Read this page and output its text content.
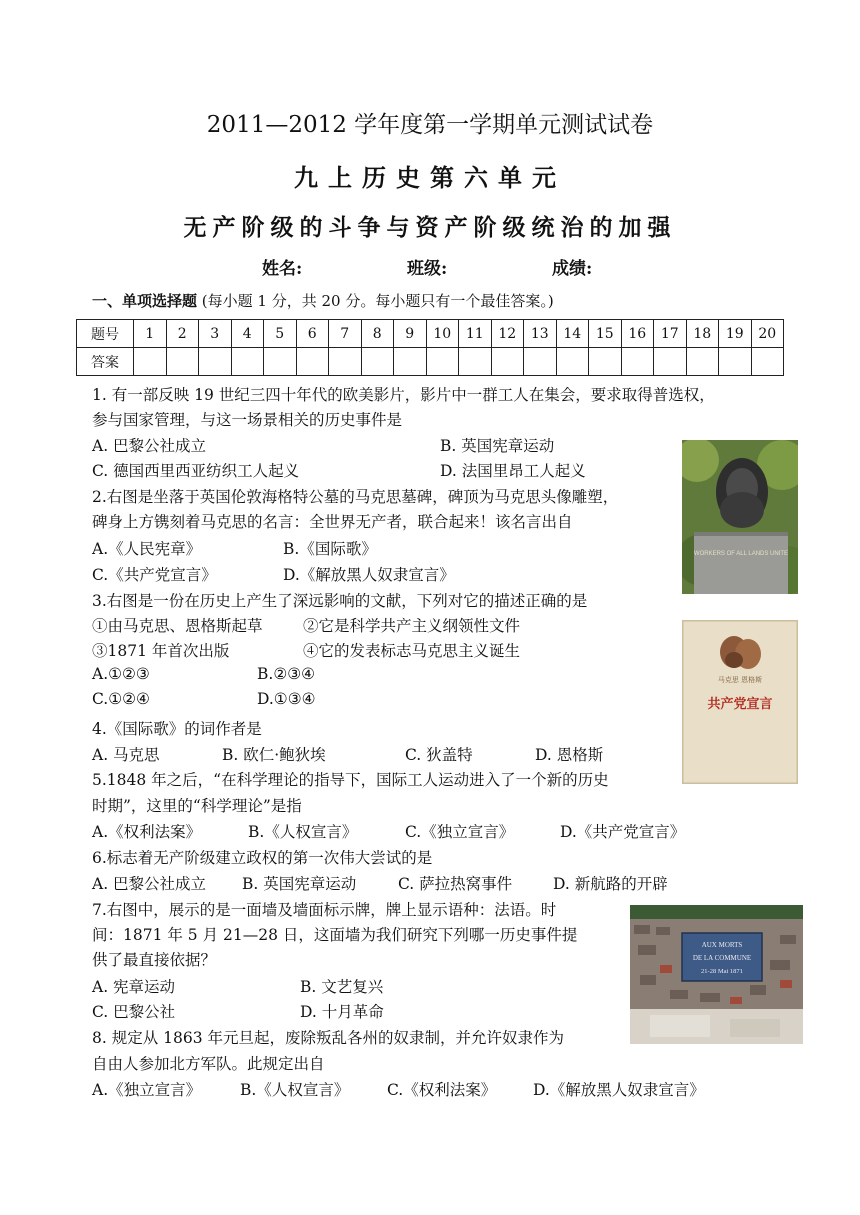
2011—2012 学年度第一学期单元测试试卷
九上历史第六单元
无产阶级的斗争与资产阶级统治的加强
姓名:	班级:	成绩:
一、单项选择题 (每小题 1 分，共 20 分。每小题只有一个最佳答案。)
题号	1	2	3	4	5	6	7	8	9	10	11	12	13	14	15	16	17	18	19	20
答案																				
1. 有一部反映 19 世纪三四十年代的欧美影片，影片中一群工人在集会，要求取得普选权，
参与国家管理，与这一场景相关的历史事件是
A. 巴黎公社成立	B. 英国宪章运动
C. 德国西里西亚纺织工人起义	D. 法国里昂工人起义
2.右图是坐落于英国伦敦海格特公墓的马克思墓碑，碑顶为马克思头像雕塑，
碑身上方镌刻着马克思的名言：全世界无产者，联合起来！该名言出自
A.《人民宪章》	B.《国际歌》
C.《共产党宣言》	D.《解放黑人奴隶宣言》
3.右图是一份在历史上产生了深远影响的文献，下列对它的描述正确的是
①由马克思、恩格斯起草	②它是科学共产主义纲领性文件
③1871 年首次出版	④它的发表标志马克思主义诞生
A.①②③	B.②③④
C.①②④	D.①③④
4.《国际歌》的词作者是
A. 马克思	B. 欧仁·鲍狄埃	C. 狄盖特	D. 恩格斯
5.1848 年之后，“在科学理论的指导下，国际工人运动进入了一个新的历史
时期”，这里的“科学理论”是指
A.《权利法案》	B.《人权宣言》	C.《独立宣言》	D.《共产党宣言》
6.标志着无产阶级建立政权的第一次伟大尝试的是
A. 巴黎公社成立 B. 英国宪章运动	C. 萨拉热窝事件	D. 新航路的开辟
7.右图中，展示的是一面墙及墙面标示牌，牌上显示语种：法语。时
间：1871 年 5 月 21—28 日，这面墙为我们研究下列哪一历史事件提
供了最直接依据？
A. 宪章运动	B. 文艺复兴
C. 巴黎公社	D. 十月革命
8. 规定从 1863 年元旦起，废除叛乱各州的奴隶制，并允许奴隶作为
自由人参加北方军队。此规定出自
A.《独立宣言》	B.《人权宣言》 C.《权利法案》 D.《解放黑人奴隶宣言》
WORKERS OF ALL LANDS UNITE
马克思 恩格斯
共产党宣言
AUX MORTS
DE LA COMMUNE
21-28 Mai 1871
